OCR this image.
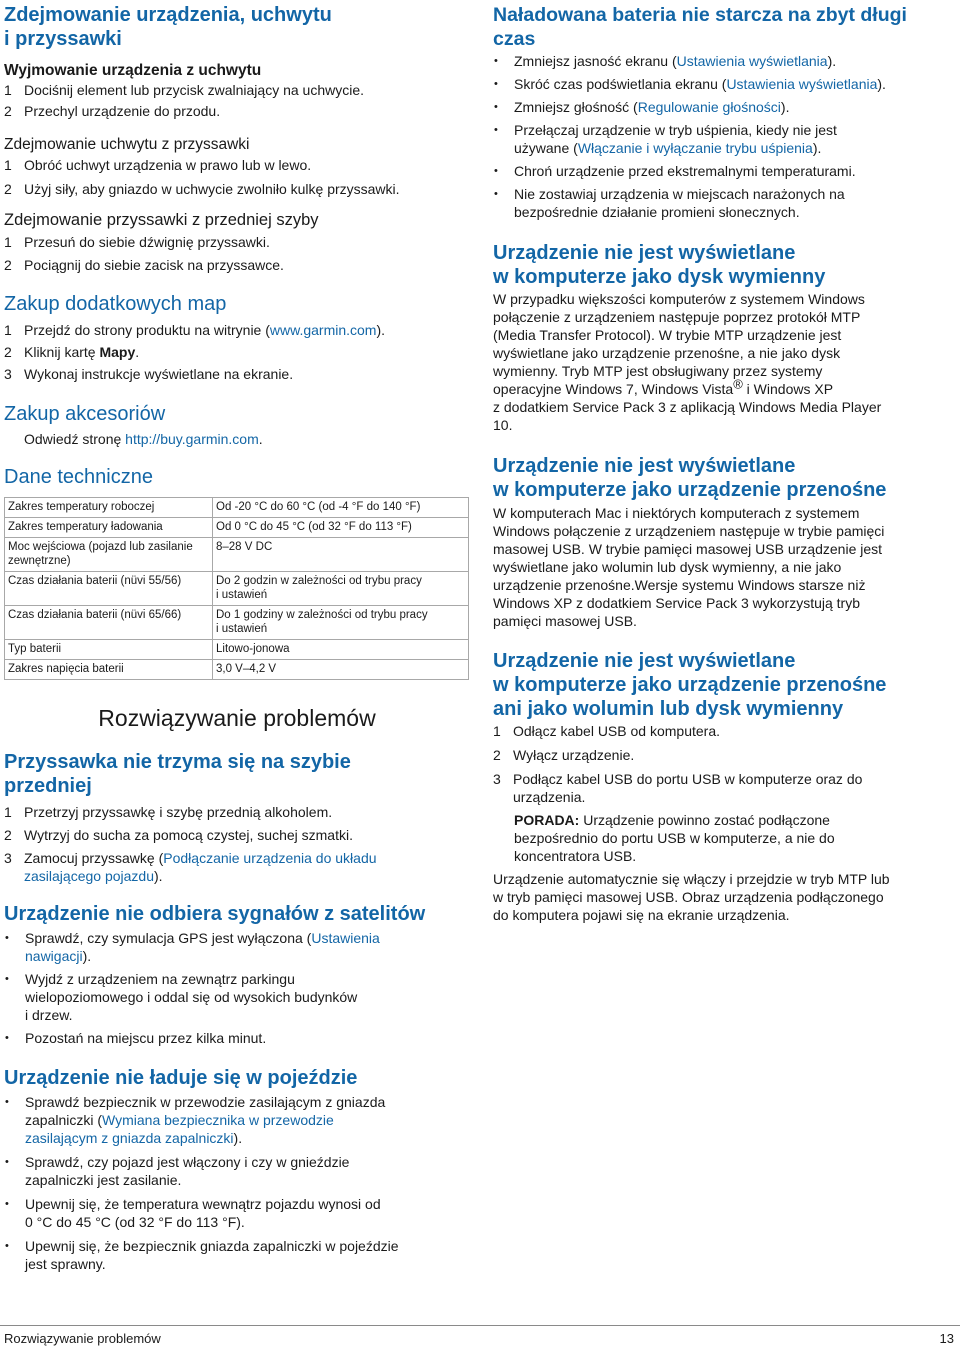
Zdejmowanie urządzenia, uchwytu
i przyssawki
Wyjmowanie urządzenia z uchwytu
1 Dociśnij element lub przycisk zwalniający na uchwycie.
2 Przechyl urządzenie do przodu.
Zdejmowanie uchwytu z przyssawki
1 Obróć uchwyt urządzenia w prawo lub w lewo.
2 Użyj siły, aby gniazdo w uchwycie zwolniło kulkę przyssawki.
Zdejmowanie przyssawki z przedniej szyby
1 Przesuń do siebie dźwignię przyssawki.
2 Pociągnij do siebie zacisk na przyssawce.
Zakup dodatkowych map
1 Przejdź do strony produktu na witrynie (www.garmin.com).
2 Kliknij kartę Mapy.
3 Wykonaj instrukcje wyświetlane na ekranie.
Zakup akcesoriów
Odwiedź stronę http://buy.garmin.com.
Dane techniczne
Zakres temperatury roboczej	Od -20 °C do 60 °C (od -4 °F do 140 °F)

Zakres temperatury ładowania	Od 0 °C do 45 °C (od 32 °F do 113 °F)

Moc wejściowa (pojazd lub zasilanie zewnętrzne)	8–28 V DC

Czas działania baterii (nüvi 55/56)	Do 2 godzin w zależności od trybu pracy
i ustawień

Czas działania baterii (nüvi 65/66)	Do 1 godziny w zależności od trybu pracy
i ustawień

Typ baterii	Litowo-jonowa

Zakres napięcia baterii	3,0 V–4,2 V
Rozwiązywanie problemów
Przyssawka nie trzyma się na szybie
przedniej
1 Przetrzyj przyssawkę i szybę przednią alkoholem.
2 Wytrzyj do sucha za pomocą czystej, suchej szmatki.
3 Zamocuj przyssawkę (Podłączanie urządzenia do układu
zasilającego pojazdu).
Urządzenie nie odbiera sygnałów z satelitów
• Sprawdź, czy symulacja GPS jest wyłączona (Ustawienia
nawigacji).
• Wyjdź z urządzeniem na zewnątrz parkingu
wielopoziomowego i oddal się od wysokich budynków
i drzew.
• Pozostań na miejscu przez kilka minut.
Urządzenie nie ładuje się w pojeździe
• Sprawdź bezpiecznik w przewodzie zasilającym z gniazda
zapalniczki (Wymiana bezpiecznika w przewodzie
zasilającym z gniazda zapalniczki).
• Sprawdź, czy pojazd jest włączony i czy w gnieździe
zapalniczki jest zasilanie.
• Upewnij się, że temperatura wewnątrz pojazdu wynosi od
0 °C do 45 °C (od 32 °F do 113 °F).
• Upewnij się, że bezpiecznik gniazda zapalniczki w pojeździe
jest sprawny.
Naładowana bateria nie starcza na zbyt długi
czas
• Zmniejsz jasność ekranu (Ustawienia wyświetlania).
• Skróć czas podświetlania ekranu (Ustawienia wyświetlania).
• Zmniejsz głośność (Regulowanie głośności).
• Przełączaj urządzenie w tryb uśpienia, kiedy nie jest
używane (Włączanie i wyłączanie trybu uśpienia).
• Chroń urządzenie przed ekstremalnymi temperaturami.
• Nie zostawiaj urządzenia w miejscach narażonych na
bezpośrednie działanie promieni słonecznych.
Urządzenie nie jest wyświetlane
w komputerze jako dysk wymienny
W przypadku większości komputerów z systemem Windows
połączenie z urządzeniem następuje poprzez protokół MTP
(Media Transfer Protocol). W trybie MTP urządzenie jest
wyświetlane jako urządzenie przenośne, a nie jako dysk
wymienny. Tryb MTP jest obsługiwany przez systemy
operacyjne Windows 7, Windows Vista® i Windows XP
z dodatkiem Service Pack 3 z aplikacją Windows Media Player
10.
Urządzenie nie jest wyświetlane
w komputerze jako urządzenie przenośne
W komputerach Mac i niektórych komputerach z systemem
Windows połączenie z urządzeniem następuje w trybie pamięci
masowej USB. W trybie pamięci masowej USB urządzenie jest
wyświetlane jako wolumin lub dysk wymienny, a nie jako
urządzenie przenośne.Wersje systemu Windows starsze niż
Windows XP z dodatkiem Service Pack 3 wykorzystują tryb
pamięci masowej USB.
Urządzenie nie jest wyświetlane
w komputerze jako urządzenie przenośne
ani jako wolumin lub dysk wymienny
1 Odłącz kabel USB od komputera.
2 Wyłącz urządzenie.
3 Podłącz kabel USB do portu USB w komputerze oraz do
urządzenia.
PORADA: Urządzenie powinno zostać podłączone
bezpośrednio do portu USB w komputerze, a nie do
koncentratora USB.
Urządzenie automatycznie się włączy i przejdzie w tryb MTP lub
w tryb pamięci masowej USB. Obraz urządzenia podłączonego
do komputera pojawi się na ekranie urządzenia.
Rozwiązywanie problemów	13
